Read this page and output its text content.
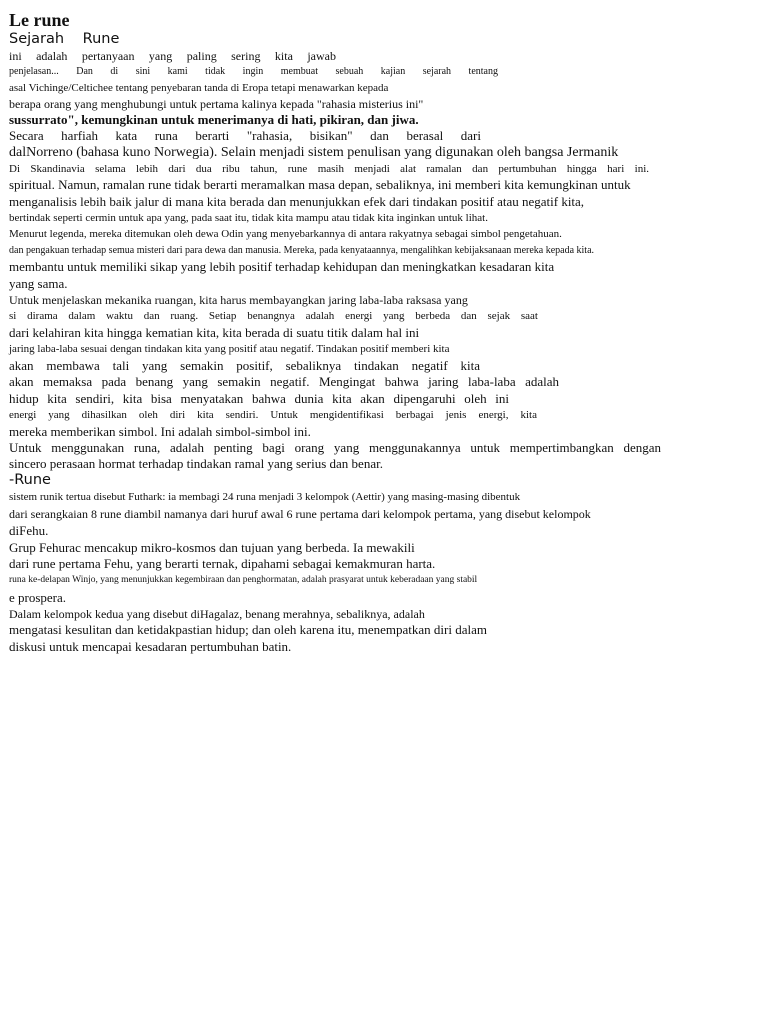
Le rune
Sejarah Rune
ini adalah pertanyaan yang paling sering kita jawab
penjelasan... Dan di sini kami tidak ingin membuat sebuah kajian sejarah tentang
asal Vichinge/Celtichee tentang penyebaran tanda di Eropa tetapi menawarkan kepada
berapa orang yang menghubungi untuk pertama kalinya kepada "rahasia misterius ini"
sussurrato", kemungkinan untuk menerimanya di hati, pikiran, dan jiwa.
Secara harfiah kata runa berarti "rahasia, bisikan" dan berasal dari
dalNorreno (bahasa kuno Norwegia). Selain menjadi sistem penulisan yang digunakan oleh bangsa Jermanik
Di Skandinavia selama lebih dari dua ribu tahun, rune masih menjadi alat ramalan dan pertumbuhan hingga hari ini.
spiritual. Namun, ramalan rune tidak berarti meramalkan masa depan, sebaliknya, ini memberi kita kemungkinan untuk
menganalisis lebih baik jalur di mana kita berada dan menunjukkan efek dari tindakan positif atau negatif kita,
bertindak seperti cermin untuk apa yang, pada saat itu, tidak kita mampu atau tidak kita inginkan untuk lihat.
Menurut legenda, mereka ditemukan oleh dewa Odin yang menyebarkannya di antara rakyatnya sebagai simbol pengetahuan.
dan pengakuan terhadap semua misteri dari para dewa dan manusia. Mereka, pada kenyataannya, mengalihkan kebijaksanaan mereka kepada kita.
membantu untuk memiliki sikap yang lebih positif terhadap kehidupan dan meningkatkan kesadaran kita
yang sama.
Untuk menjelaskan mekanika ruangan, kita harus membayangkan jaring laba-laba raksasa yang
si dirama dalam waktu dan ruang. Setiap benangnya adalah energi yang berbeda dan sejak saat
dari kelahiran kita hingga kematian kita, kita berada di suatu titik dalam hal ini
jaring laba-laba sesuai dengan tindakan kita yang positif atau negatif. Tindakan positif memberi kita
akan membawa tali yang semakin positif, sebaliknya tindakan negatif kita
akan memaksa pada benang yang semakin negatif. Mengingat bahwa jaring laba-laba adalah
hidup kita sendiri, kita bisa menyatakan bahwa dunia kita akan dipengaruhi oleh ini
energi yang dihasilkan oleh diri kita sendiri. Untuk mengidentifikasi berbagai jenis energi, kita
mereka memberikan simbol. Ini adalah simbol-simbol ini.
Untuk menggunakan runa, adalah penting bagi orang yang menggunakannya untuk mempertimbangkan dengan
sincero perasaan hormat terhadap tindakan ramal yang serius dan benar.
-Rune
sistem runik tertua disebut Futhark: ia membagi 24 runa menjadi 3 kelompok (Aettir) yang masing-masing dibentuk
dari serangkaian 8 rune diambil namanya dari huruf awal 6 rune pertama dari kelompok pertama, yang disebut kelompok
diFehu.
Grup Fehurac mencakup mikro-kosmos dan tujuan yang berbeda. Ia mewakili
dari rune pertama Fehu, yang berarti ternak, dipahami sebagai kemakmuran harta.
runa ke-delapan Winjo, yang menunjukkan kegembiraan dan penghormatan, adalah prasyarat untuk keberadaan yang stabil
e prospera.
Dalam kelompok kedua yang disebut diHagalaz, benang merahnya, sebaliknya, adalah
mengatasi kesulitan dan ketidakpastian hidup; dan oleh karena itu, menempatkan diri dalam
diskusi untuk mencapai kesadaran pertumbuhan batin.
